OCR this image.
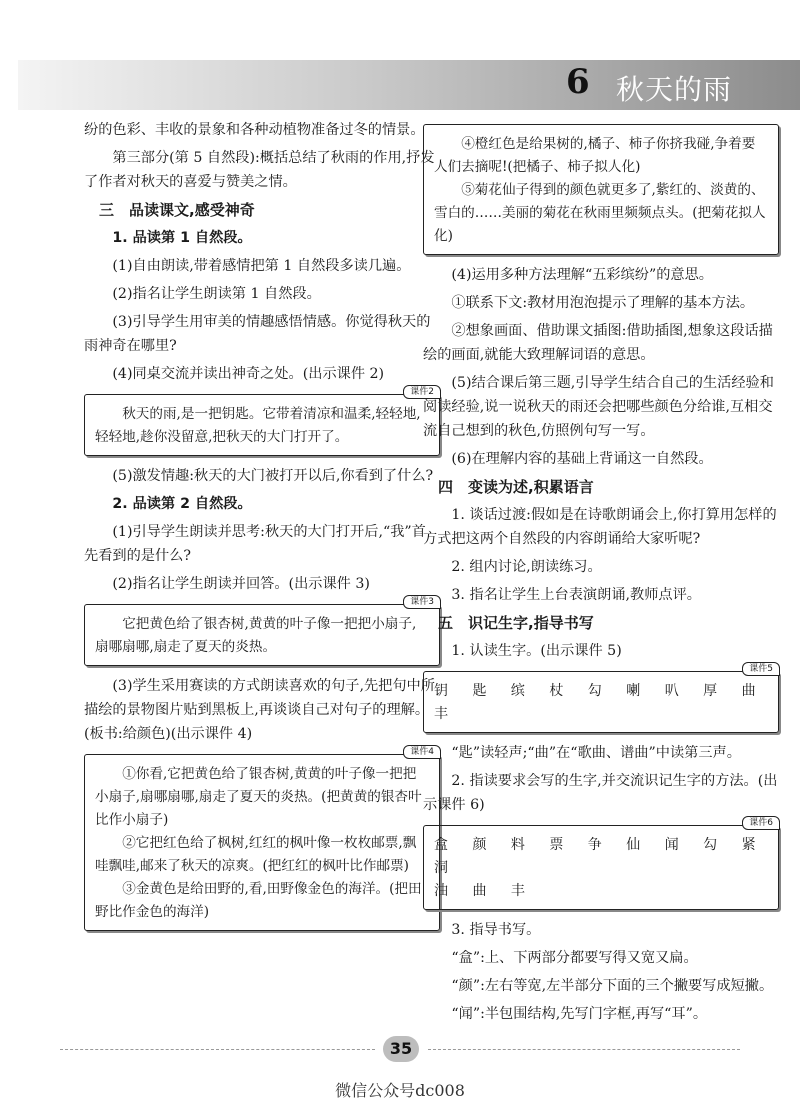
6 秋天的雨

纷的色彩、丰收的景象和各种动植物准备过冬的情景。

第三部分(第 5 自然段):概括总结了秋雨的作用,抒发了作者对秋天的喜爱与赞美之情。

三　品读课文,感受神奇

1. 品读第 1 自然段。

(1)自由朗读,带着感情把第 1 自然段多读几遍。

(2)指名让学生朗读第 1 自然段。

(3)引导学生用审美的情趣感悟情感。你觉得秋天的雨神奇在哪里?

(4)同桌交流并读出神奇之处。(出示课件 2)

课件2

秋天的雨,是一把钥匙。它带着清凉和温柔,轻轻地,轻轻地,趁你没留意,把秋天的大门打开了。

(5)激发情趣:秋天的大门被打开以后,你看到了什么?

2. 品读第 2 自然段。

(1)引导学生朗读并思考:秋天的大门打开后,“我”首先看到的是什么?

(2)指名让学生朗读并回答。(出示课件 3)

课件3

它把黄色给了银杏树,黄黄的叶子像一把把小扇子,扇哪扇哪,扇走了夏天的炎热。

(3)学生采用赛读的方式朗读喜欢的句子,先把句中所描绘的景物图片贴到黑板上,再谈谈自己对句子的理解。(板书:给颜色)(出示课件 4)

课件4

①你看,它把黄色给了银杏树,黄黄的叶子像一把把小扇子,扇哪扇哪,扇走了夏天的炎热。(把黄黄的银杏叶比作小扇子)

②它把红色给了枫树,红红的枫叶像一枚枚邮票,飘哇飘哇,邮来了秋天的凉爽。(把红红的枫叶比作邮票)

③金黄色是给田野的,看,田野像金色的海洋。(把田野比作金色的海洋)

④橙红色是给果树的,橘子、柿子你挤我碰,争着要人们去摘呢!(把橘子、柿子拟人化)

⑤菊花仙子得到的颜色就更多了,紫红的、淡黄的、雪白的……美丽的菊花在秋雨里频频点头。(把菊花拟人化)

(4)运用多种方法理解“五彩缤纷”的意思。

①联系下文:教材用泡泡提示了理解的基本方法。

②想象画面、借助课文插图:借助插图,想象这段话描绘的画面,就能大致理解词语的意思。

(5)结合课后第三题,引导学生结合自己的生活经验和阅读经验,说一说秋天的雨还会把哪些颜色分给谁,互相交流自己想到的秋色,仿照例句写一写。

(6)在理解内容的基础上背诵这一自然段。

四　变读为述,积累语言

1. 谈话过渡:假如是在诗歌朗诵会上,你打算用怎样的方式把这两个自然段的内容朗诵给大家听呢?

2. 组内讨论,朗读练习。

3. 指名让学生上台表演朗诵,教师点评。

五　识记生字,指导书写

1. 认读生字。(出示课件 5)

课件5

钥 匙 缤 杖 勾 喇 叭 厚 曲 丰

“匙”读轻声;“曲”在“歌曲、谱曲”中读第三声。

2. 指读要求会写的生字,并交流识记生字的方法。(出示课件 6)

课件6

盒 颜 料 票 争 仙 闻 勾 紧 洞

油 曲 丰

3. 指导书写。

“盒”:上、下两部分都要写得又宽又扁。

“颜”:左右等宽,左半部分下面的三个撇要写成短撇。

“闻”:半包围结构,先写门字框,再写“耳”。

35
微信公众号dc008
